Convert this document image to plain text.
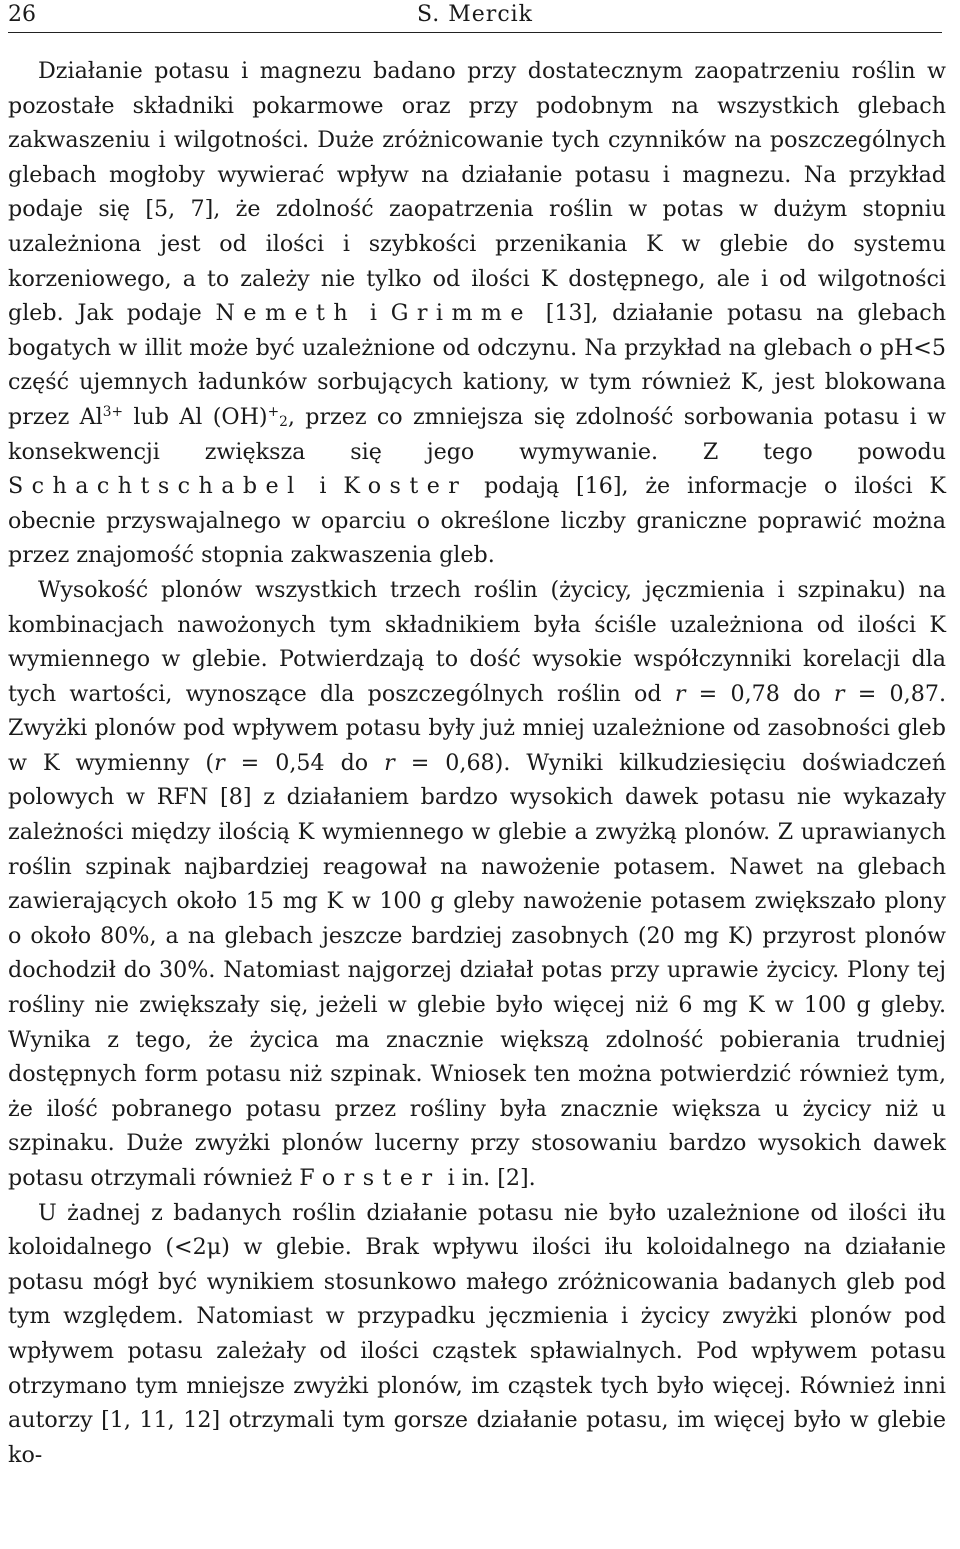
26	S. Mercik

Działanie potasu i magnezu badano przy dostatecznym zaopatrzeniu roślin w pozostałe składniki pokarmowe oraz przy podobnym na wszystkich glebach zakwaszeniu i wilgotności. Duże zróżnicowanie tych czynników na poszczególnych glebach mogłoby wywierać wpływ na działanie potasu i magnezu. Na przykład podaje się [5, 7], że zdolność zaopatrzenia roślin w potas w dużym stopniu uzależniona jest od ilości i szybkości przenikania K w glebie do systemu korzeniowego, a to zależy nie tylko od ilości K dostępnego, ale i od wilgotności gleb. Jak podaje Nemeth i Grimme [13], działanie potasu na glebach bogatych w illit może być uzależnione od odczynu. Na przykład na glebach o pH<5 część ujemnych ładunków sorbujących kationy, w tym również K, jest blokowana przez $Al^{3+}$ lub Al $(OH)^+_2$, przez co zmniejsza się zdolność sorbowania potasu i w konsekwencji zwiększa się jego wymywanie. Z tego powodu Schachtschabel i Koster podają [16], że informacje o ilości K obecnie przyswajalnego w oparciu o określone liczby graniczne poprawić można przez znajomość stopnia zakwaszenia gleb.

Wysokość plonów wszystkich trzech roślin (życicy, jęczmienia i szpinaku) na kombinacjach nawożonych tym składnikiem była ściśle uzależniona od ilości K wymiennego w glebie. Potwierdzają to dość wysokie współczynniki korelacji dla tych wartości, wynoszące dla poszczególnych roślin od r = 0,78 do r = 0,87. Zwyżki plonów pod wpływem potasu były już mniej uzależnione od zasobności gleb w K wymienny (r = 0,54 do r = 0,68). Wyniki kilkudziesięciu doświadczeń polowych w RFN [8] z działaniem bardzo wysokich dawek potasu nie wykazały zależności między ilością K wymiennego w glebie a zwyżką plonów. Z uprawianych roślin szpinak najbardziej reagował na nawożenie potasem. Nawet na glebach zawierających około 15 mg K w 100 g gleby nawożenie potasem zwiększało plony o około 80%, a na glebach jeszcze bardziej zasobnych (20 mg K) przyrost plonów dochodził do 30%. Natomiast najgorzej działał potas przy uprawie życicy. Plony tej rośliny nie zwiększały się, jeżeli w glebie było więcej niż 6 mg K w 100 g gleby. Wynika z tego, że życica ma znacznie większą zdolność pobierania trudniej dostępnych form potasu niż szpinak. Wniosek ten można potwierdzić również tym, że ilość pobranego potasu przez rośliny była znacznie większa u życicy niż u szpinaku. Duże zwyżki plonów lucerny przy stosowaniu bardzo wysokich dawek potasu otrzymali również Forster i in. [2].

U żadnej z badanych roślin działanie potasu nie było uzależnione od ilości iłu koloidalnego (<2μ) w glebie. Brak wpływu ilości iłu koloidalnego na działanie potasu mógł być wynikiem stosunkowo małego zróżnicowania badanych gleb pod tym względem. Natomiast w przypadku jęczmienia i życicy zwyżki plonów pod wpływem potasu zależały od ilości cząstek spławialnych. Pod wpływem potasu otrzymano tym mniejsze zwyżki plonów, im cząstek tych było więcej. Również inni autorzy [1, 11, 12] otrzymali tym gorsze działanie potasu, im więcej było w glebie ko-
